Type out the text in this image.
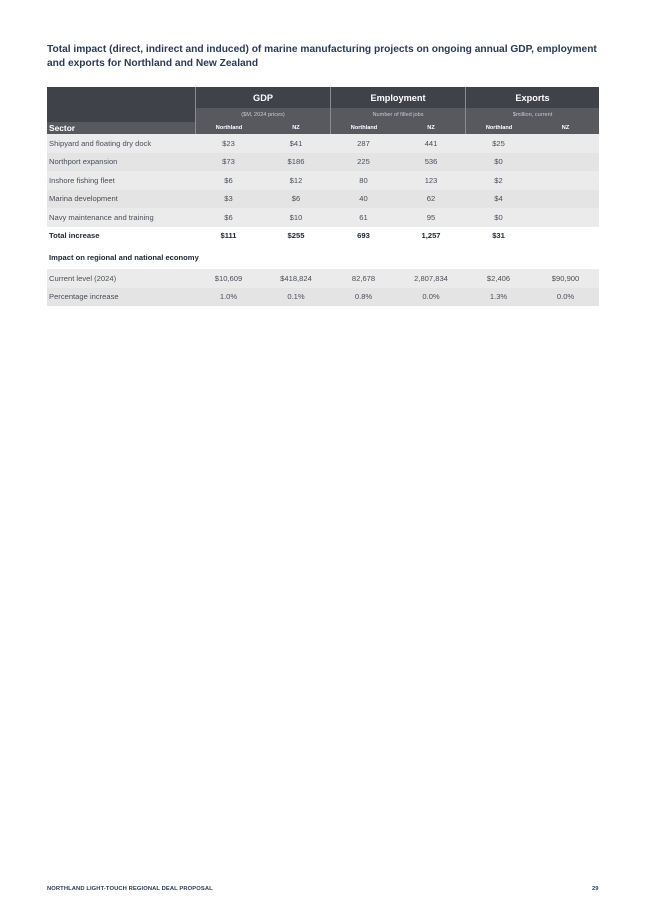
Total impact (direct, indirect and induced) of marine manufacturing projects on ongoing annual GDP, employment and exports for Northland and New Zealand
	GDP		Employment		Exports	
	($M, 2024 prices)		Number of filled jobs		$million, current	
Sector	Northland	NZ	Northland	NZ	Northland	NZ
Shipyard and floating dry dock	$23	$41	287	441	$25	
Northport expansion	$73	$186	225	536	$0	
Inshore fishing fleet	$6	$12	80	123	$2	
Marina development	$3	$6	40	62	$4	
Navy maintenance and training	$6	$10	61	95	$0	
Total increase	$111	$255	693	1,257	$31	
Impact on regional and national economy						
Current level (2024)	$10,609	$418,824	82,678	2,807,834	$2,406	$90,900
Percentage increase	1.0%	0.1%	0.8%	0.0%	1.3%	0.0%
NORTHLAND LIGHT-TOUCH REGIONAL DEAL PROPOSAL	29
